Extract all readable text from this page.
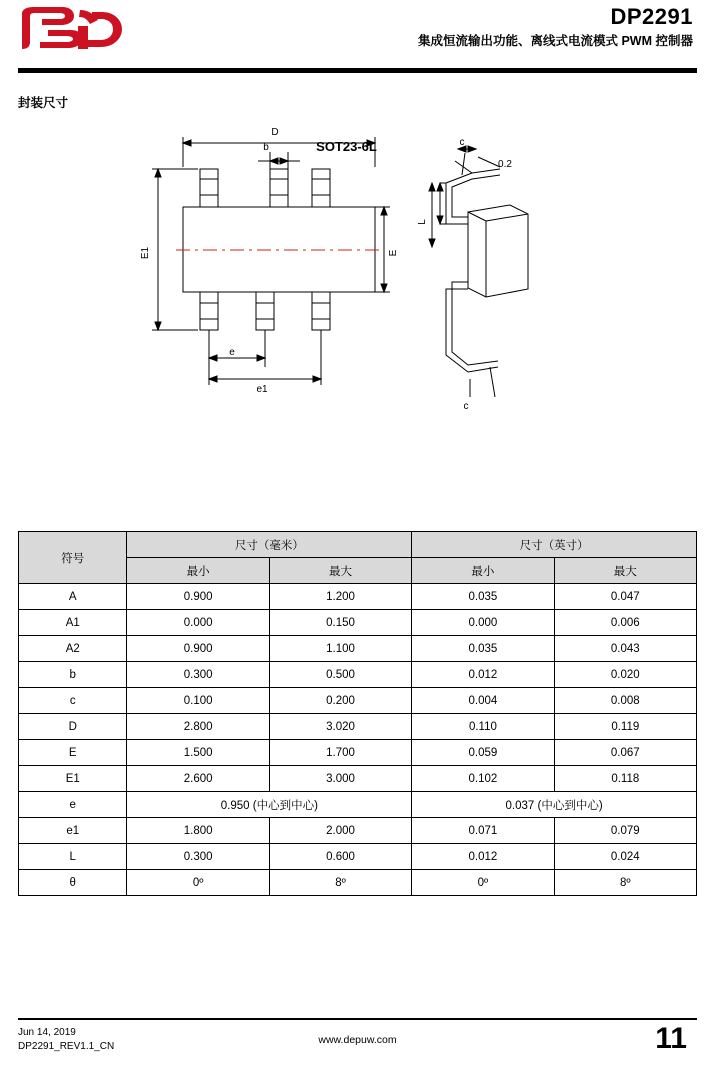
DP2291
集成恒流输出功能、离线式电流模式 PWM 控制器
封装尺寸
SOT23-6L
D
b
E1	E
e
e1
c
0.2
L
c
符号	尺寸（毫米）		尺寸（英寸）	
	最小	最大	最小	最大
A	0.900	1.200	0.035	0.047
A1	0.000	0.150	0.000	0.006
A2	0.900	1.100	0.035	0.043
b	0.300	0.500	0.012	0.020
c	0.100	0.200	0.004	0.008
D	2.800	3.020	0.110	0.119
E	1.500	1.700	0.059	0.067
E1	2.600	3.000	0.102	0.118
e	0.950 (中心到中心)		0.037 (中心到中心)	
e1	1.800	2.000	0.071	0.079
L	0.300	0.600	0.012	0.024
θ	0º	8º	0º	8º
Jun 14, 2019
DP2291_REV1.1_CN
www.depuw.com	11
